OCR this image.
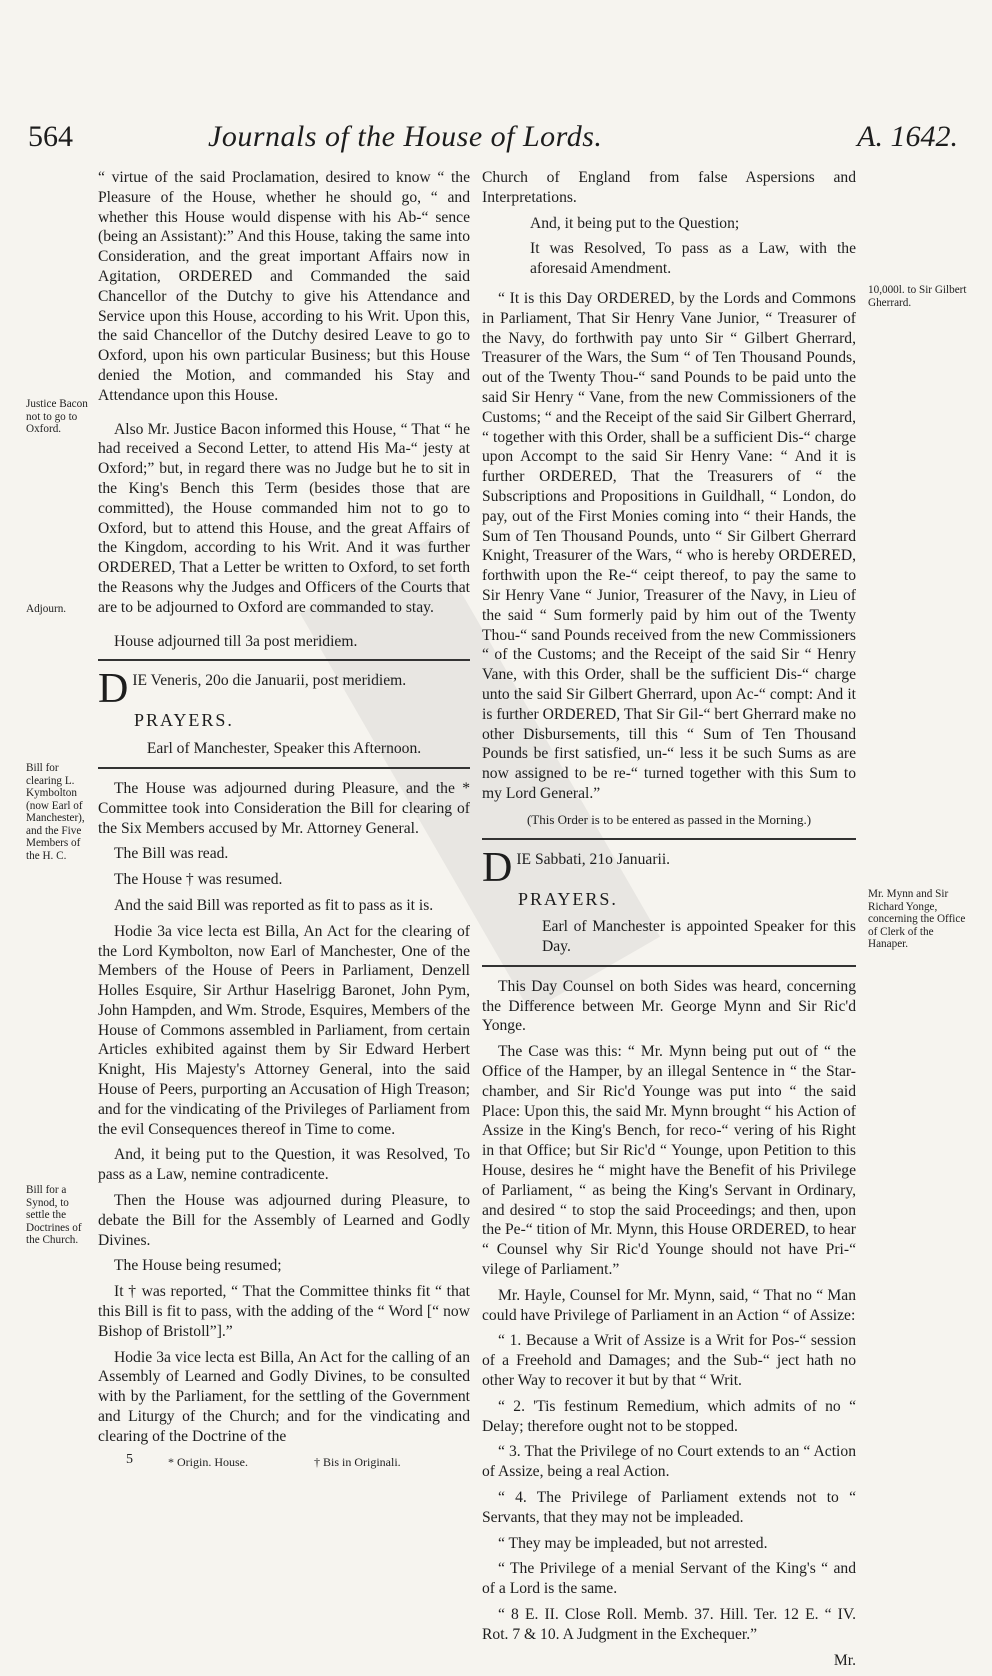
564	Journals of the House of Lords.	A. 1642.
Justice Bacon not to go to Oxford.
Adjourn.
Bill for clearing L. Kymbolton (now Earl of Manchester), and the Five Members of the H. C.
Bill for a Synod, to settle the Doctrines of the Church.
10,000l. to Sir Gilbert Gherrard.
Mr. Mynn and Sir Richard Yonge, concerning the Office of Clerk of the Hanaper.

“ virtue of the said Proclamation, desired to know “ the Pleasure of the House, whether he should go, “ and whether this House would dispense with his Ab-“ sence (being an Assistant):” And this House, taking the same into Consideration, and the great important Affairs now in Agitation, ORDERED and Commanded the said Chancellor of the Dutchy to give his Attendance and Service upon this House, according to his Writ. Upon this, the said Chancellor of the Dutchy desired Leave to go to Oxford, upon his own particular Business; but this House denied the Motion, and commanded his Stay and Attendance upon this House.

Also Mr. Justice Bacon informed this House, “ That “ he had received a Second Letter, to attend His Ma-“ jesty at Oxford;” but, in regard there was no Judge but he to sit in the King's Bench this Term (besides those that are committed), the House commanded him not to go to Oxford, but to attend this House, and the great Affairs of the Kingdom, according to his Writ. And it was further ORDERED, That a Letter be written to Oxford, to set forth the Reasons why the Judges and Officers of the Courts that are to be adjourned to Oxford are commanded to stay.

House adjourned till 3a post meridiem.

DIE Veneris, 20o die Januarii, post meridiem.

PRAYERS.

Earl of Manchester, Speaker this Afternoon.

The House was adjourned during Pleasure, and the * Committee took into Consideration the Bill for clearing of the Six Members accused by Mr. Attorney General.

The Bill was read.

The House † was resumed.

And the said Bill was reported as fit to pass as it is.

Hodie 3a vice lecta est Billa, An Act for the clearing of the Lord Kymbolton, now Earl of Manchester, One of the Members of the House of Peers in Parliament, Denzell Holles Esquire, Sir Arthur Haselrigg Baronet, John Pym, John Hampden, and Wm. Strode, Esquires, Members of the House of Commons assembled in Parliament, from certain Articles exhibited against them by Sir Edward Herbert Knight, His Majesty's Attorney General, into the said House of Peers, purporting an Accusation of High Treason; and for the vindicating of the Privileges of Parliament from the evil Consequences thereof in Time to come.

And, it being put to the Question, it was Resolved, To pass as a Law, nemine contradicente.

Then the House was adjourned during Pleasure, to debate the Bill for the Assembly of Learned and Godly Divines.

The House being resumed;

It † was reported, “ That the Committee thinks fit “ that this Bill is fit to pass, with the adding of the “ Word [“ now Bishop of Bristoll”].”

Hodie 3a vice lecta est Billa, An Act for the calling of an Assembly of Learned and Godly Divines, to be consulted with by the Parliament, for the settling of the Government and Liturgy of the Church; and for the vindicating and clearing of the Doctrine of the

* Origin. House.	† Bis in Originali.
5

Church of England from false Aspersions and Interpretations.

And, it being put to the Question;

It was Resolved, To pass as a Law, with the aforesaid Amendment.

“ It is this Day ORDERED, by the Lords and Commons in Parliament, That Sir Henry Vane Junior, “ Treasurer of the Navy, do forthwith pay unto Sir “ Gilbert Gherrard, Treasurer of the Wars, the Sum “ of Ten Thousand Pounds, out of the Twenty Thou-“ sand Pounds to be paid unto the said Sir Henry “ Vane, from the new Commissioners of the Customs; “ and the Receipt of the said Sir Gilbert Gherrard, “ together with this Order, shall be a sufficient Dis-“ charge upon Accompt to the said Sir Henry Vane: “ And it is further ORDERED, That the Treasurers of “ the Subscriptions and Propositions in Guildhall, “ London, do pay, out of the First Monies coming into “ their Hands, the Sum of Ten Thousand Pounds, unto “ Sir Gilbert Gherrard Knight, Treasurer of the Wars, “ who is hereby ORDERED, forthwith upon the Re-“ ceipt thereof, to pay the same to Sir Henry Vane “ Junior, Treasurer of the Navy, in Lieu of the said “ Sum formerly paid by him out of the Twenty Thou-“ sand Pounds received from the new Commissioners “ of the Customs; and the Receipt of the said Sir “ Henry Vane, with this Order, shall be the sufficient Dis-“ charge unto the said Sir Gilbert Gherrard, upon Ac-“ compt: And it is further ORDERED, That Sir Gil-“ bert Gherrard make no other Disbursements, till this “ Sum of Ten Thousand Pounds be first satisfied, un-“ less it be such Sums as are now assigned to be re-“ turned together with this Sum to my Lord General.”

(This Order is to be entered as passed in the Morning.)

DIE Sabbati, 21o Januarii.

PRAYERS.

Earl of Manchester is appointed Speaker for this Day.

This Day Counsel on both Sides was heard, concerning the Difference between Mr. George Mynn and Sir Ric'd Yonge.

The Case was this: “ Mr. Mynn being put out of “ the Office of the Hamper, by an illegal Sentence in “ the Star-chamber, and Sir Ric'd Younge was put into “ the said Place: Upon this, the said Mr. Mynn brought “ his Action of Assize in the King's Bench, for reco-“ vering of his Right in that Office; but Sir Ric'd “ Younge, upon Petition to this House, desires he “ might have the Benefit of his Privilege of Parliament, “ as being the King's Servant in Ordinary, and desired “ to stop the said Proceedings; and then, upon the Pe-“ tition of Mr. Mynn, this House ORDERED, to hear “ Counsel why Sir Ric'd Younge should not have Pri-“ vilege of Parliament.”

Mr. Hayle, Counsel for Mr. Mynn, said, “ That no “ Man could have Privilege of Parliament in an Action “ of Assize:

“ 1. Because a Writ of Assize is a Writ for Pos-“ session of a Freehold and Damages; and the Sub-“ ject hath no other Way to recover it but by that “ Writ.

“ 2. 'Tis festinum Remedium, which admits of no “ Delay; therefore ought not to be stopped.

“ 3. That the Privilege of no Court extends to an “ Action of Assize, being a real Action.

“ 4. The Privilege of Parliament extends not to “ Servants, that they may not be impleaded.

“ They may be impleaded, but not arrested.

“ The Privilege of a menial Servant of the King's “ and of a Lord is the same.

“ 8 E. II. Close Roll. Memb. 37. Hill. Ter. 12 E. “ IV. Rot. 7 & 10. A Judgment in the Exchequer.”

Mr.
